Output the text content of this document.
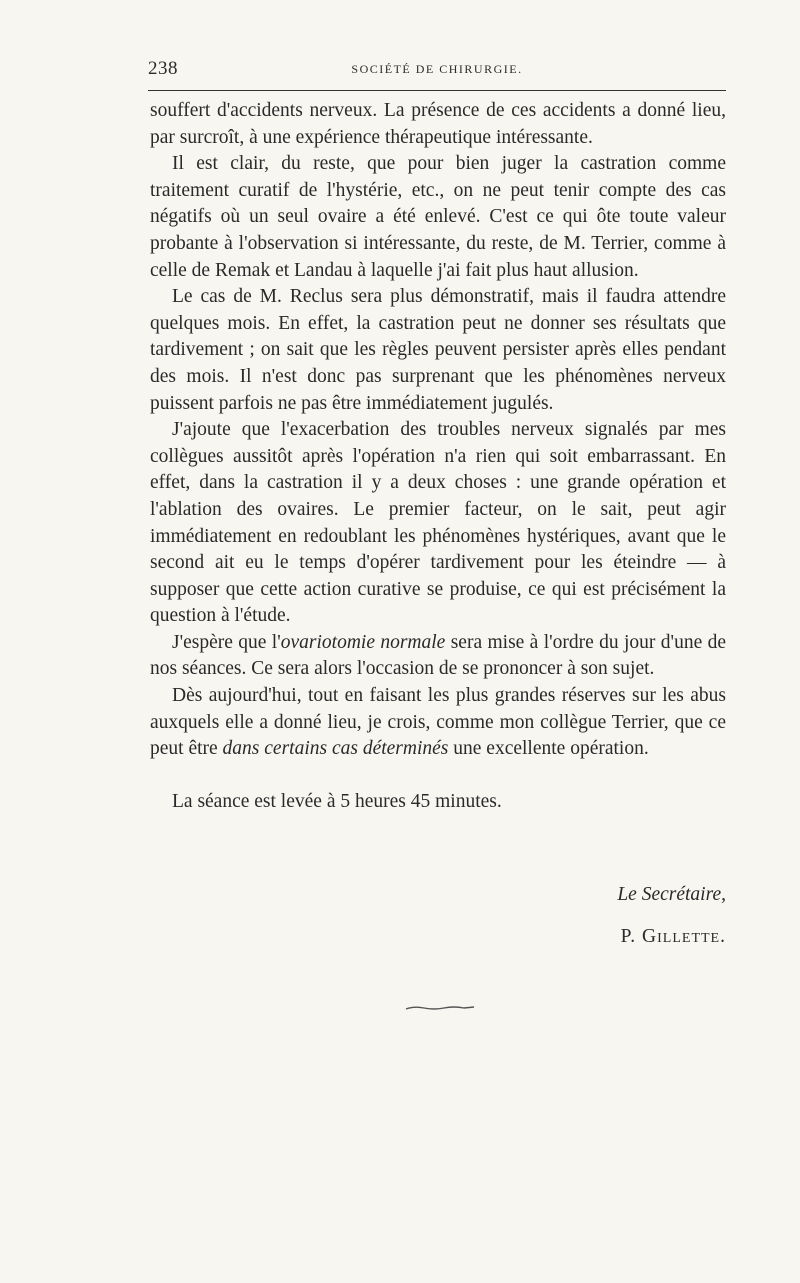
238	SOCIÉTÉ DE CHIRURGIE.

souffert d'accidents nerveux. La présence de ces accidents a donné lieu, par surcroît, à une expérience thérapeutique intéressante.

Il est clair, du reste, que pour bien juger la castration comme traitement curatif de l'hystérie, etc., on ne peut tenir compte des cas négatifs où un seul ovaire a été enlevé. C'est ce qui ôte toute valeur probante à l'observation si intéressante, du reste, de M. Terrier, comme à celle de Remak et Landau à laquelle j'ai fait plus haut allusion.

Le cas de M. Reclus sera plus démonstratif, mais il faudra attendre quelques mois. En effet, la castration peut ne donner ses résultats que tardivement ; on sait que les règles peuvent persister après elles pendant des mois. Il n'est donc pas surprenant que les phénomènes nerveux puissent parfois ne pas être immédiatement jugulés.

J'ajoute que l'exacerbation des troubles nerveux signalés par mes collègues aussitôt après l'opération n'a rien qui soit embarrassant. En effet, dans la castration il y a deux choses : une grande opération et l'ablation des ovaires. Le premier facteur, on le sait, peut agir immédiatement en redoublant les phénomènes hystériques, avant que le second ait eu le temps d'opérer tardivement pour les éteindre — à supposer que cette action curative se produise, ce qui est précisément la question à l'étude.

J'espère que l'ovariotomie normale sera mise à l'ordre du jour d'une de nos séances. Ce sera alors l'occasion de se prononcer à son sujet.

Dès aujourd'hui, tout en faisant les plus grandes réserves sur les abus auxquels elle a donné lieu, je crois, comme mon collègue Terrier, que ce peut être dans certains cas déterminés une excellente opération.

La séance est levée à 5 heures 45 minutes.

Le Secrétaire,
P. Gillette.
